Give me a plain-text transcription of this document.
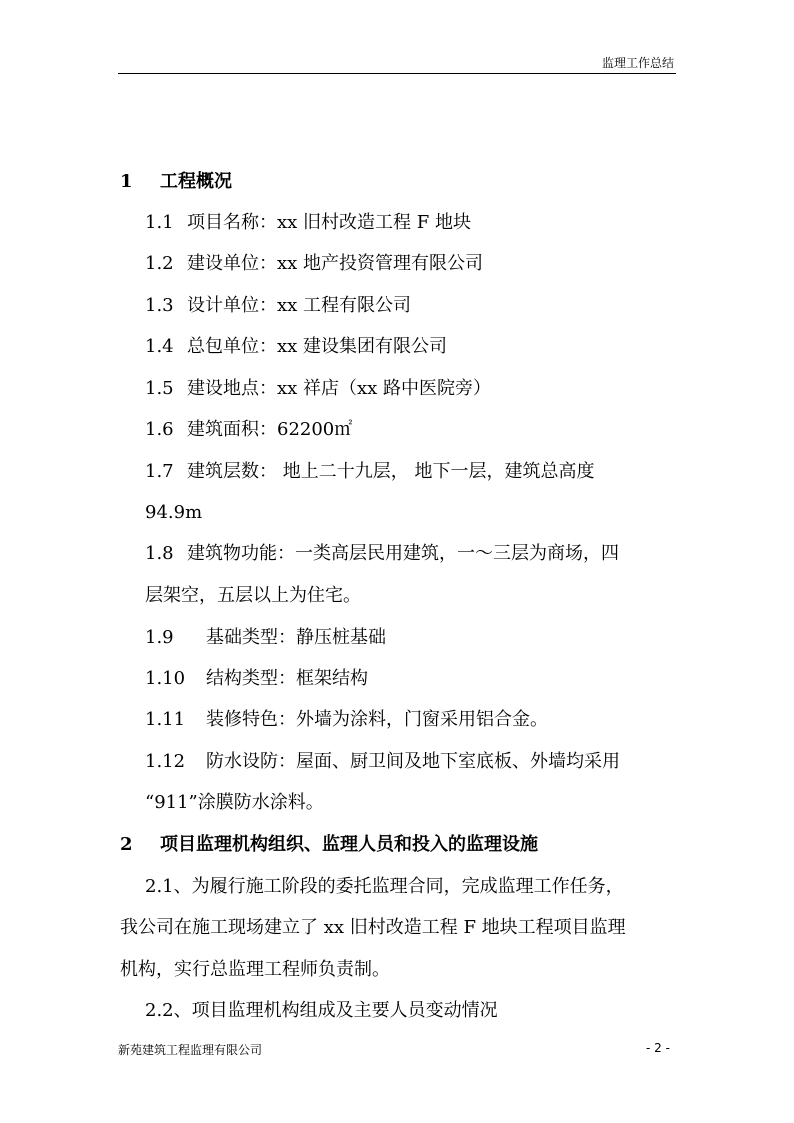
监理工作总结
1 工程概况
1.1 项目名称：xx 旧村改造工程 F 地块
1.2 建设单位：xx 地产投资管理有限公司
1.3 设计单位：xx 工程有限公司
1.4 总包单位：xx 建设集团有限公司
1.5 建设地点：xx 祥店（xx 路中医院旁）
1.6 建筑面积：62200㎡
1.7 建筑层数： 地上二十九层， 地下一层，建筑总高度
94.9m
1.8 建筑物功能：一类高层民用建筑，一～三层为商场，四
层架空，五层以上为住宅。
1.9 基础类型：静压桩基础
1.10 结构类型：框架结构
1.11 装修特色：外墙为涂料，门窗采用铝合金。
1.12 防水设防：屋面、厨卫间及地下室底板、外墙均采用
“911”涂膜防水涂料。
2 项目监理机构组织、监理人员和投入的监理设施
2.1、为履行施工阶段的委托监理合同，完成监理工作任务，
我公司在施工现场建立了 xx 旧村改造工程 F 地块工程项目监理
机构，实行总监理工程师负责制。
2.2、项目监理机构组成及主要人员变动情况
新苑建筑工程监理有限公司	- 2 -
